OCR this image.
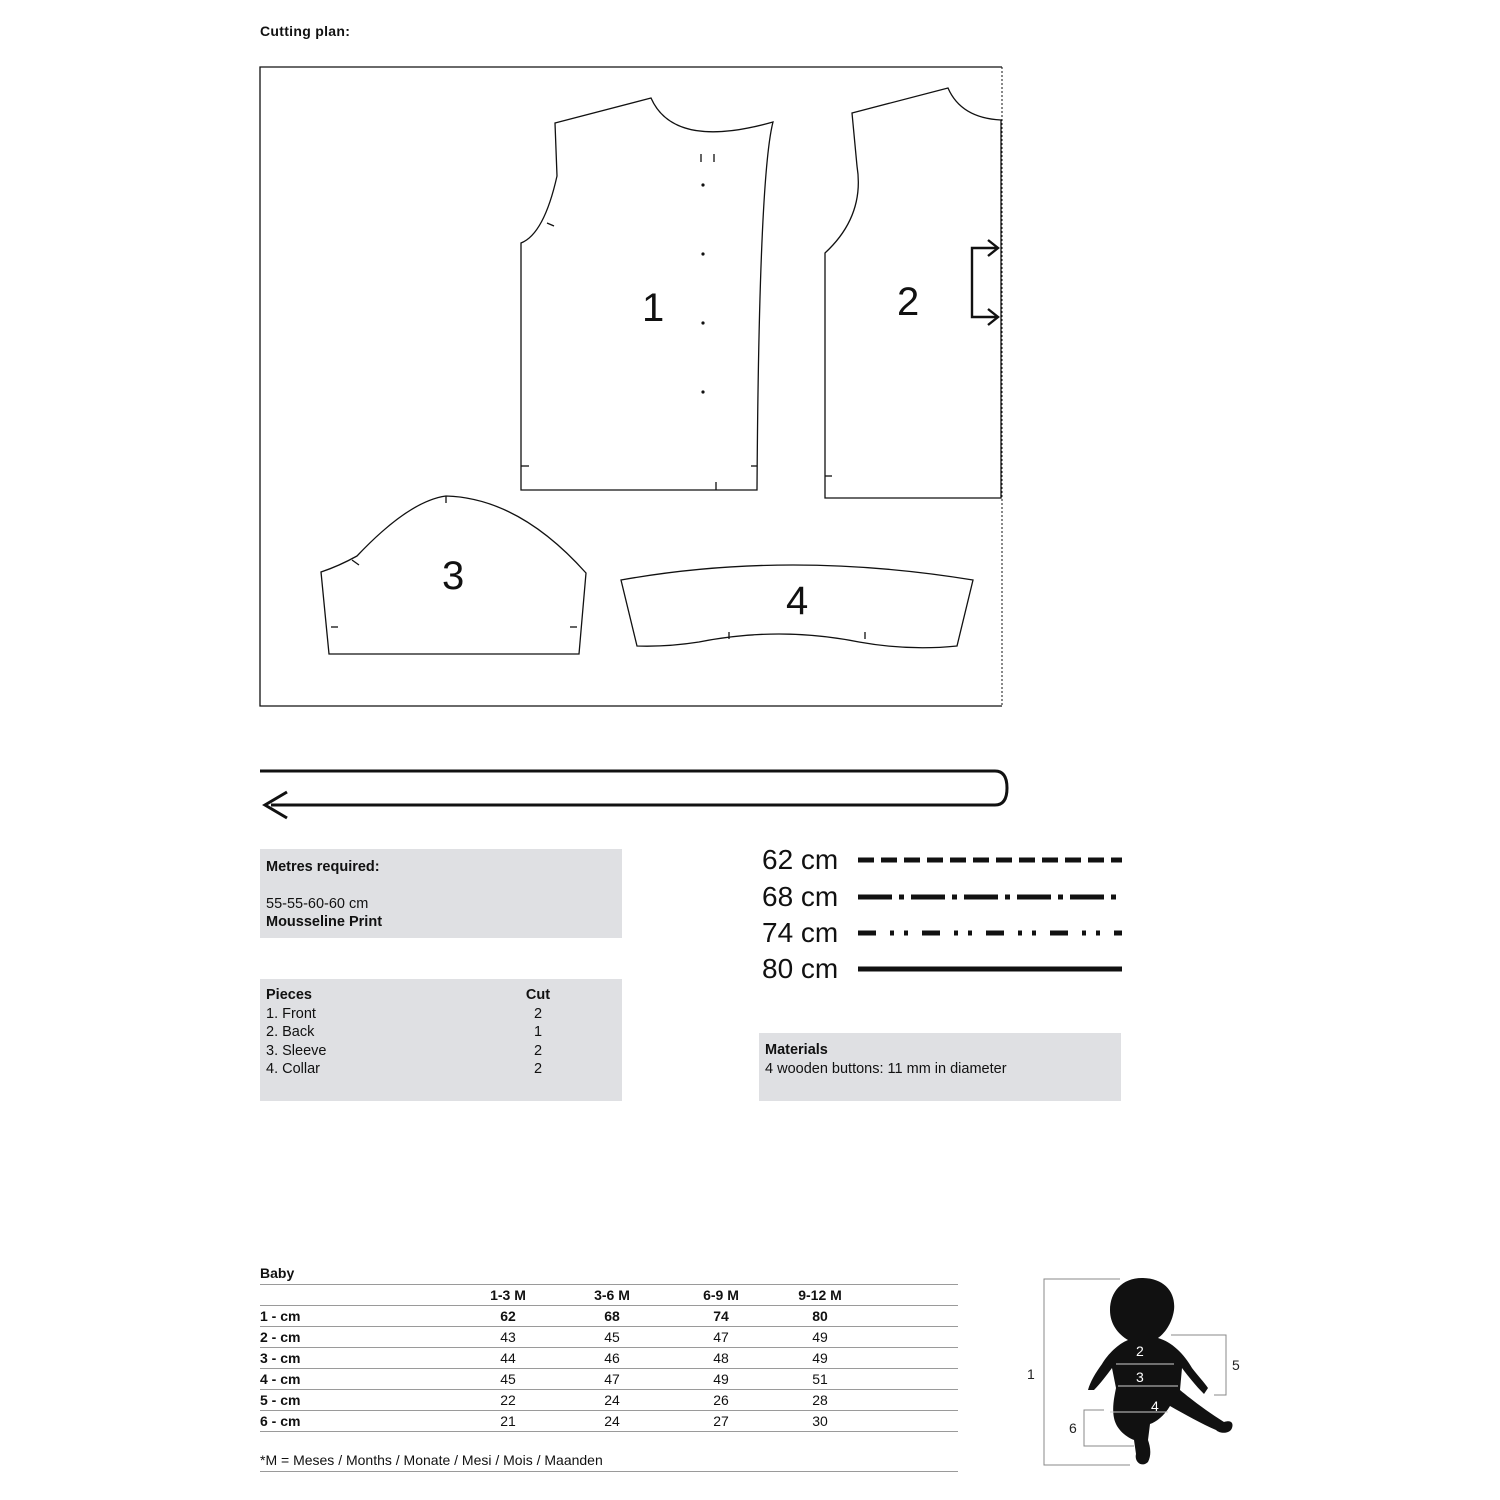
Cutting plan:
1	2
3
4
Metres required:
55-55-60-60 cm
Mousseline Print
Pieces	Cut
1. Front	2
2. Back	1
3. Sleeve	2
4. Collar	2
62 cm
68 cm
74 cm
80 cm
Materials
4 wooden buttons: 11 mm in diameter
Baby
	1-3 M	3-6 M	6-9 M	9-12 M	
1 - cm	62	68	74	80	
2 - cm	43	45	47	49	
3 - cm	44	46	48	49	
4 - cm	45	47	49	51	
5 - cm	22	24	26	28	
6 - cm	21	24	27	30	
*M = Meses / Months / Monate / Mesi / Mois / Maanden
1
2
3
4
5
6
